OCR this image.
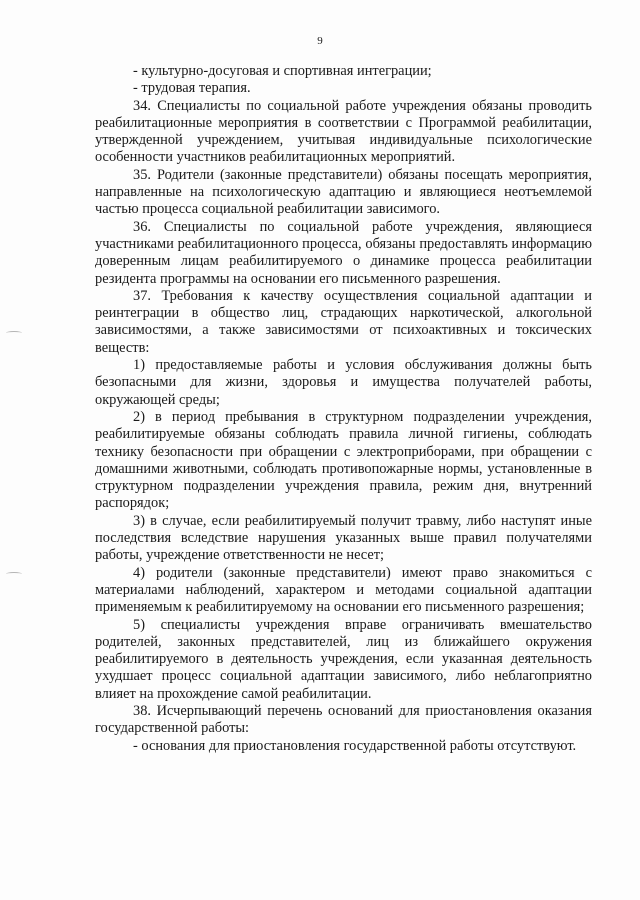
9

- культурно-досуговая и спортивная интеграции;

- трудовая терапия.

34. Специалисты по социальной работе учреждения обязаны проводить реабилитационные мероприятия в соответствии с Программой реабилитации, утвержденной учреждением, учитывая индивидуальные психологические особенности участников реабилитационных мероприятий.

35. Родители (законные представители) обязаны посещать мероприятия, направленные на психологическую адаптацию и являющиеся неотъемлемой частью процесса социальной реабилитации зависимого.

36. Специалисты по социальной работе учреждения, являющиеся участниками реабилитационного процесса, обязаны предоставлять информацию доверенным лицам реабилитируемого о динамике процесса реабилитации резидента программы на основании его письменного разрешения.

37. Требования к качеству осуществления социальной адаптации и реинтеграции в общество лиц, страдающих наркотической, алкогольной зависимостями, а также зависимостями от психоактивных и токсических веществ:

1) предоставляемые работы и условия обслуживания должны быть безопасными для жизни, здоровья и имущества получателей работы, окружающей среды;

2) в период пребывания в структурном подразделении учреждения, реабилитируемые обязаны соблюдать правила личной гигиены, соблюдать технику безопасности при обращении с электроприборами, при обращении с домашними животными, соблюдать противопожарные нормы, установленные в структурном подразделении учреждения правила, режим дня, внутренний распорядок;

3) в случае, если реабилитируемый получит травму, либо наступят иные последствия вследствие нарушения указанных выше правил получателями работы, учреждение ответственности не несет;

4) родители (законные представители) имеют право знакомиться с материалами наблюдений, характером и методами социальной адаптации применяемым к реабилитируемому на основании его письменного разрешения;

5) специалисты учреждения вправе ограничивать вмешательство родителей, законных представителей, лиц из ближайшего окружения реабилитируемого в деятельность учреждения, если указанная деятельность ухудшает процесс социальной адаптации зависимого, либо неблагоприятно влияет на прохождение самой реабилитации.

38. Исчерпывающий перечень оснований для приостановления оказания государственной работы:

- основания для приостановления государственной работы отсутствуют.
